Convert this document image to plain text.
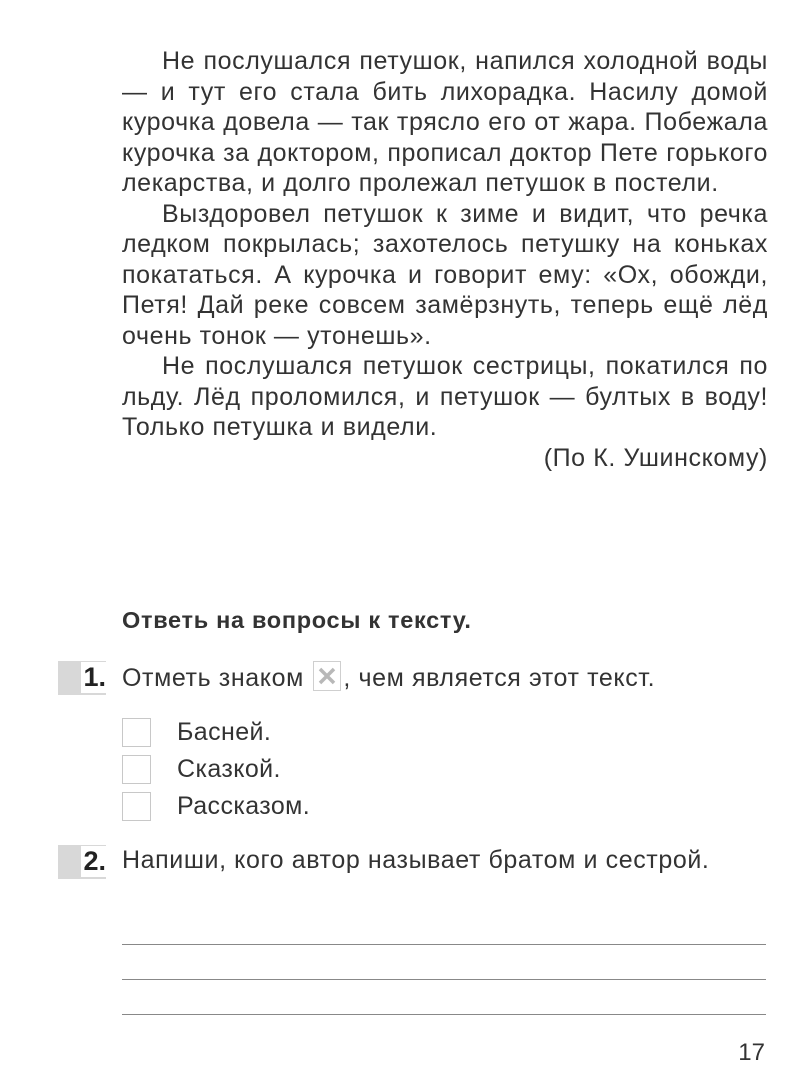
Не послушался петушок, напился холодной воды — и тут его стала бить лихорадка. Насилу домой курочка довела — так трясло его от жара. Побежала курочка за доктором, прописал доктор Пете горького лекарства, и долго пролежал петушок в постели.

Выздоровел петушок к зиме и видит, что речка ледком покрылась; захотелось петушку на коньках покататься. А курочка и говорит ему: «Ох, обожди, Петя! Дай реке совсем замёрзнуть, теперь ещё лёд очень тонок — утонешь».

Не послушался петушок сестрицы, покатился по льду. Лёд проломился, и петушок — бултых в воду! Только петушка и видели.

(По К. Ушинскому)
Ответь на вопросы к тексту.
1. Отметь знаком , чем является этот текст.
Басней.
Сказкой.
Рассказом.
2. Напиши, кого автор называет братом и сестрой.
17
